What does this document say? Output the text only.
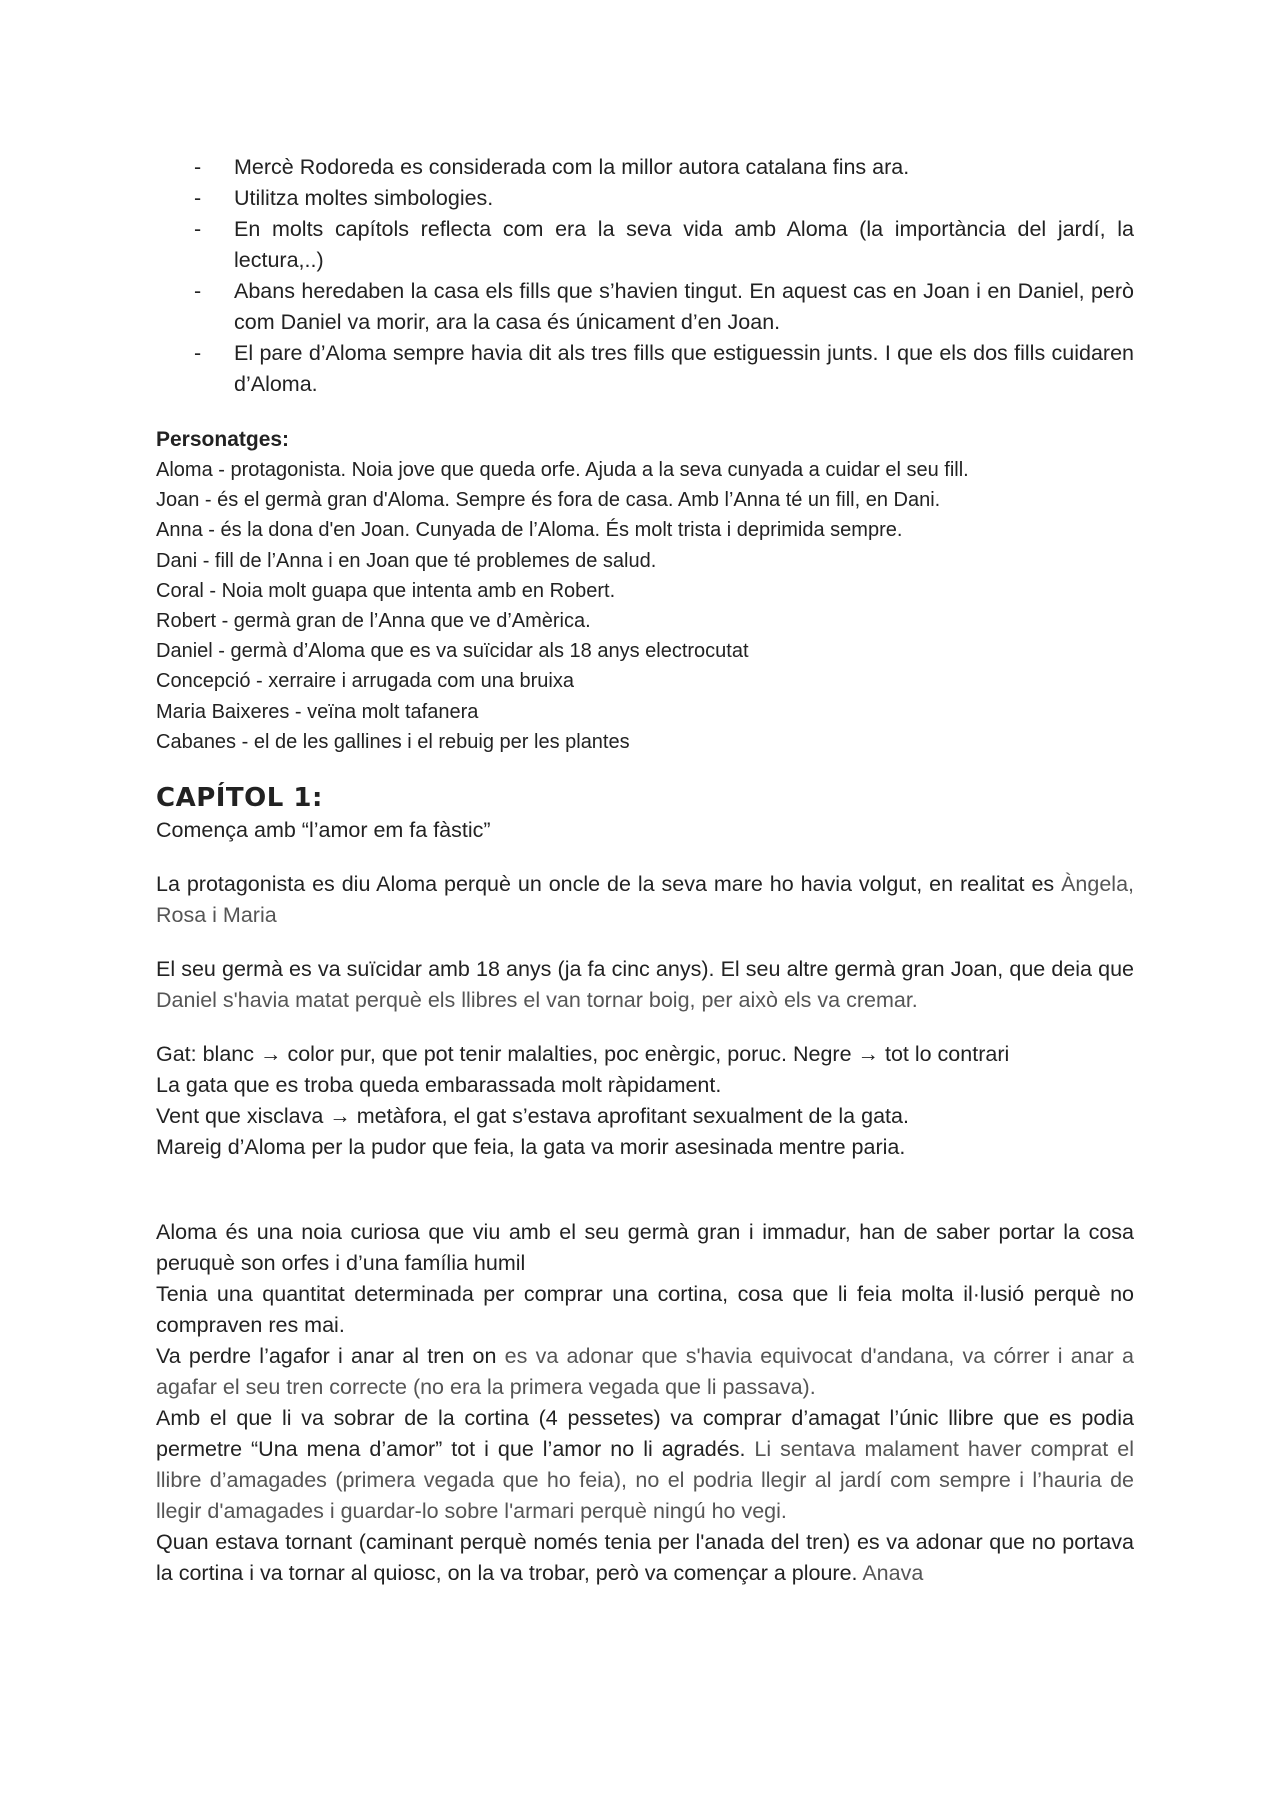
- Mercè Rodoreda es considerada com la millor autora catalana fins ara.
- Utilitza moltes simbologies.
- En molts capítols reflecta com era la seva vida amb Aloma (la importància del jardí, la lectura,..)
- Abans heredaben la casa els fills que s’havien tingut. En aquest cas en Joan i en Daniel, però com Daniel va morir, ara la casa és únicament d’en Joan.
- El pare d’Aloma sempre havia dit als tres fills que estiguessin junts. I que els dos fills cuidaren d’Aloma.
Personatges:
Aloma - protagonista. Noia jove que queda orfe. Ajuda a la seva cunyada a cuidar el seu fill.
Joan - és el germà gran d'Aloma. Sempre és fora de casa. Amb l’Anna té un fill, en Dani.
Anna - és la dona d'en Joan. Cunyada de l’Aloma. És molt trista i deprimida sempre.
Dani - fill de l’Anna i en Joan que té problemes de salud.
Coral - Noia molt guapa que intenta amb en Robert.
Robert - germà gran de l’Anna que ve d’Amèrica.
Daniel - germà d’Aloma que es va suïcidar als 18 anys electrocutat
Concepció - xerraire i arrugada com una bruixa
Maria Baixeres - veïna molt tafanera
Cabanes - el de les gallines i el rebuig per les plantes
CAPÍTOL 1:

Comença amb “l’amor em fa fàstic”

La protagonista es diu Aloma perquè un oncle de la seva mare ho havia volgut, en realitat es Àngela, Rosa i Maria

El seu germà es va suïcidar amb 18 anys (ja fa cinc anys). El seu altre germà gran Joan, que deia que Daniel s'havia matat perquè els llibres el van tornar boig, per això els va cremar.

Gat: blanc → color pur, que pot tenir malalties, poc enèrgic, poruc. Negre → tot lo contrari

La gata que es troba queda embarassada molt ràpidament.

Vent que xisclava → metàfora, el gat s’estava aprofitant sexualment de la gata.

Mareig d’Aloma per la pudor que feia, la gata va morir asesinada mentre paria.

Aloma és una noia curiosa que viu amb el seu germà gran i immadur, han de saber portar la cosa peruquè son orfes i d’una família humil

Tenia una quantitat determinada per comprar una cortina, cosa que li feia molta il·lusió perquè no compraven res mai.

Va perdre l’agafor i anar al tren on es va adonar que s'havia equivocat d'andana, va córrer i anar a agafar el seu tren correcte (no era la primera vegada que li passava).

Amb el que li va sobrar de la cortina (4 pessetes) va comprar d’amagat l’únic llibre que es podia permetre “Una mena d’amor” tot i que l’amor no li agradés. Li sentava malament haver comprat el llibre d’amagades (primera vegada que ho feia), no el podria llegir al jardí com sempre i l’hauria de llegir d'amagades i guardar-lo sobre l'armari perquè ningú ho vegi.

Quan estava tornant (caminant perquè només tenia per l'anada del tren) es va adonar que no portava la cortina i va tornar al quiosc, on la va trobar, però va començar a ploure. Anava
